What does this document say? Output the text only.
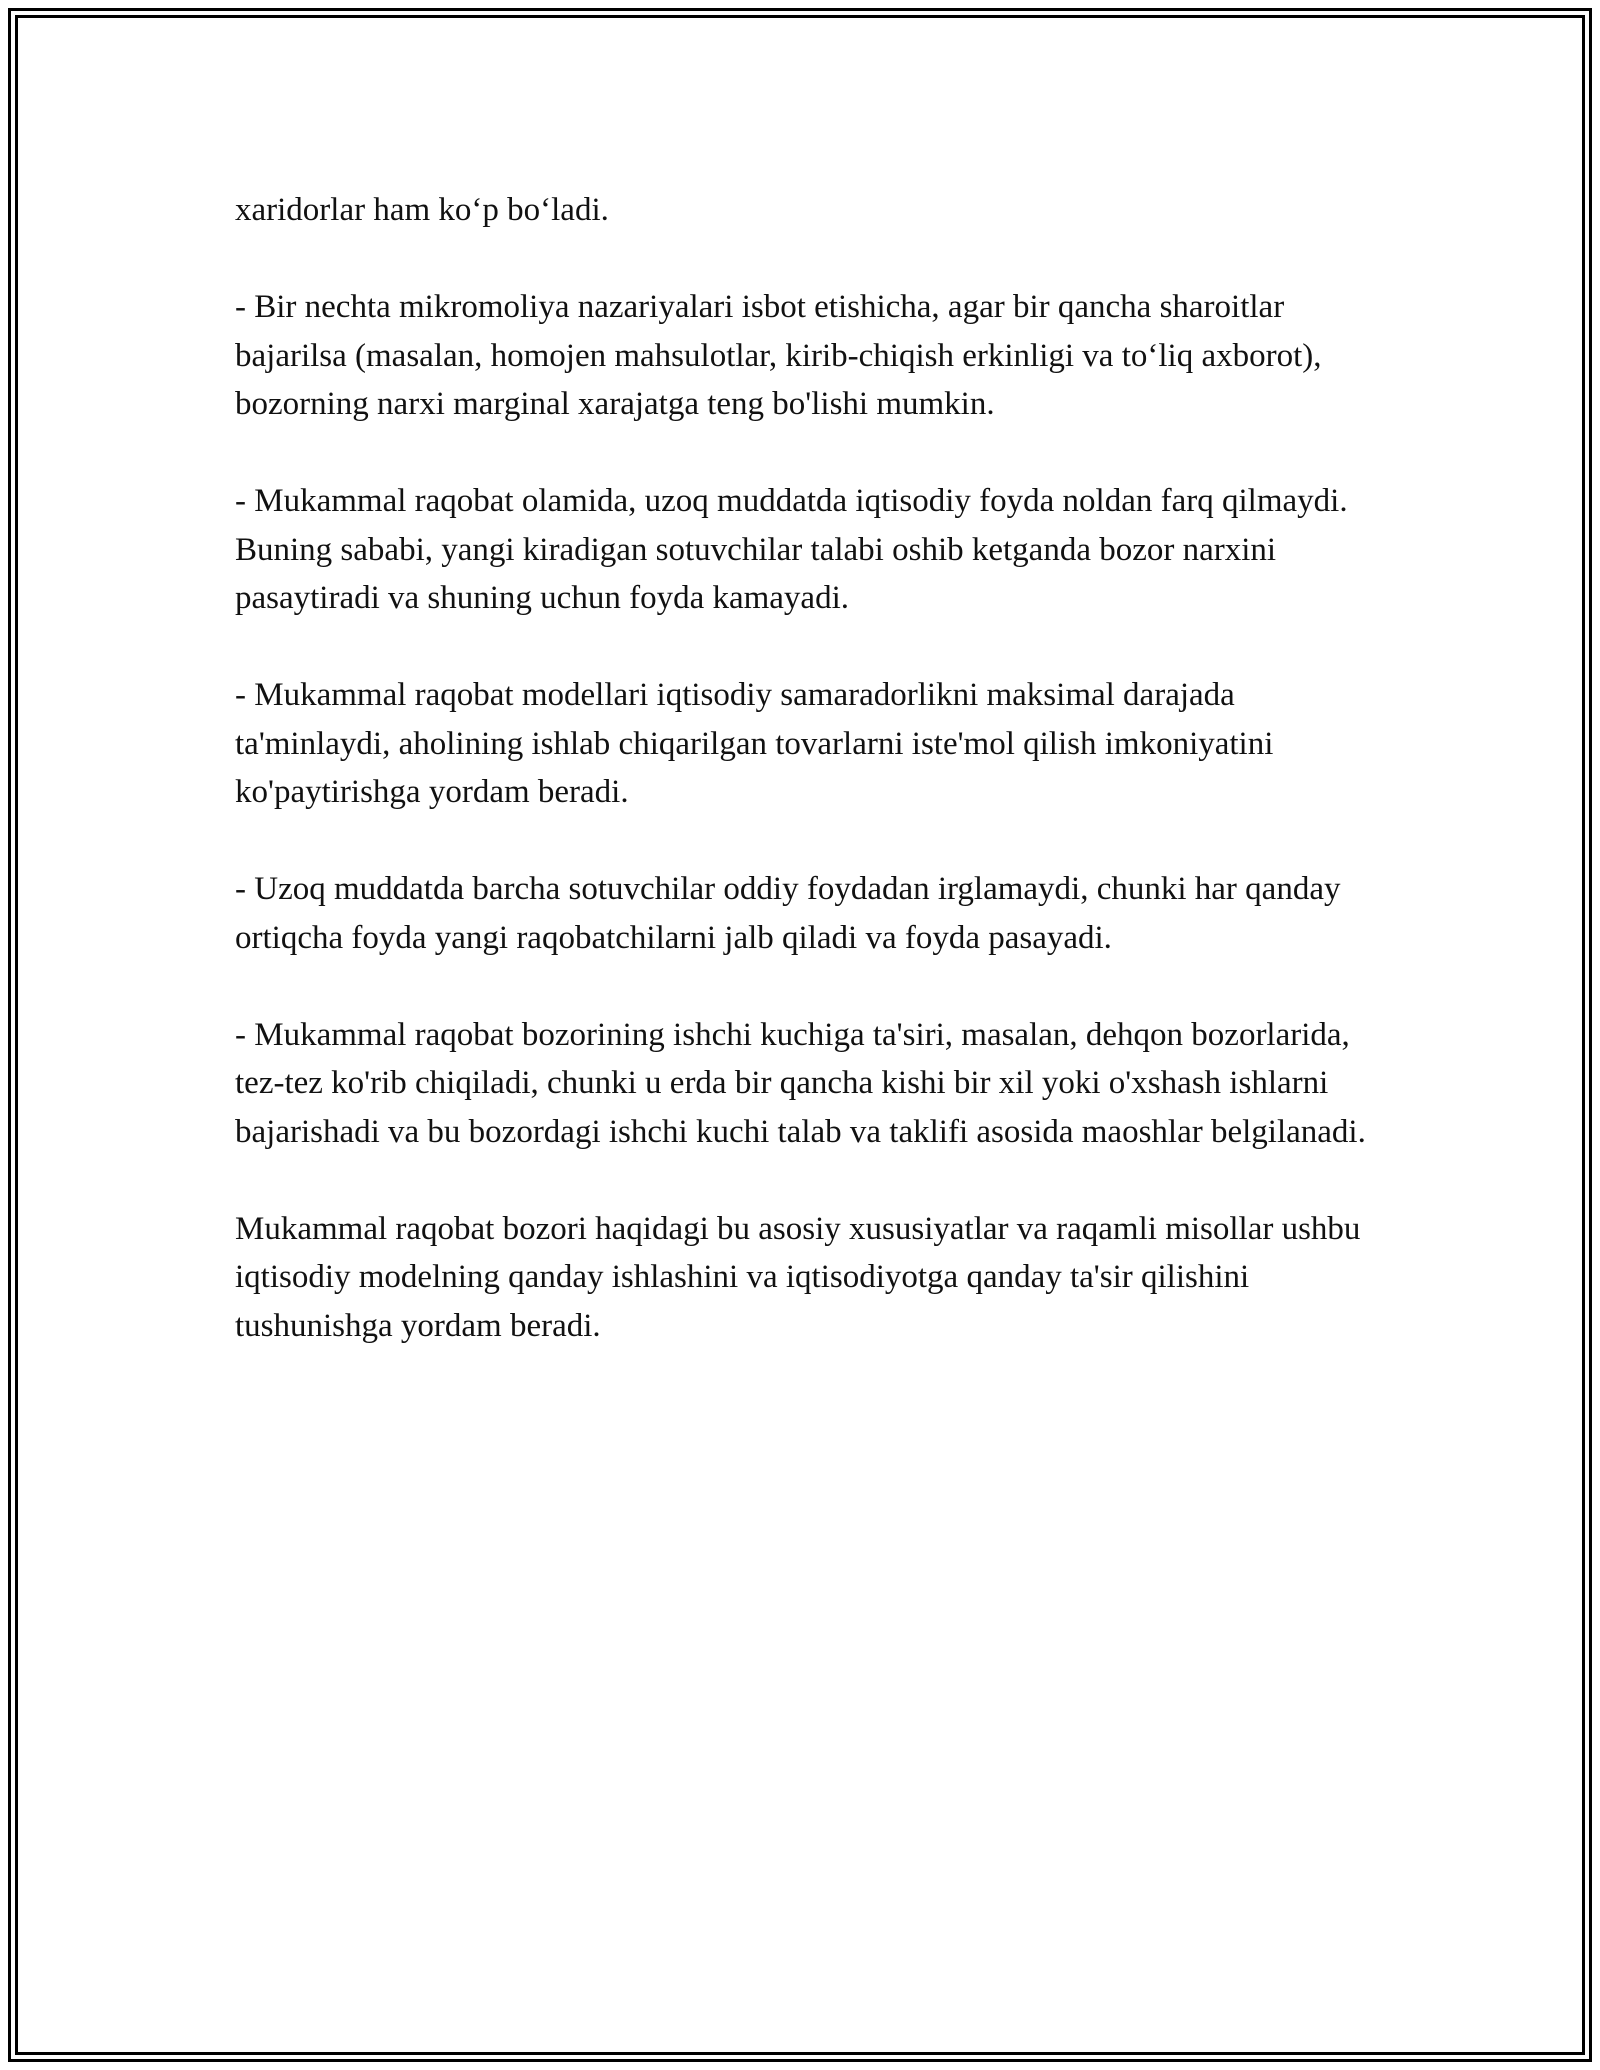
xaridorlar ham ko‘p bo‘ladi.

- Bir nechta mikromoliya nazariyalari isbot etishicha, agar bir qancha sharoitlar bajarilsa (masalan, homojen mahsulotlar, kirib-chiqish erkinligi va to‘liq axborot), bozorning narxi marginal xarajatga teng bo'lishi mumkin.

- Mukammal raqobat olamida, uzoq muddatda iqtisodiy foyda noldan farq qilmaydi. Buning sababi, yangi kiradigan sotuvchilar talabi oshib ketganda bozor narxini pasaytiradi va shuning uchun foyda kamayadi.

- Mukammal raqobat modellari iqtisodiy samaradorlikni maksimal darajada ta'minlaydi, aholining ishlab chiqarilgan tovarlarni iste'mol qilish imkoniyatini ko'paytirishga yordam beradi.

- Uzoq muddatda barcha sotuvchilar oddiy foydadan irglamaydi, chunki har qanday ortiqcha foyda yangi raqobatchilarni jalb qiladi va foyda pasayadi.

- Mukammal raqobat bozorining ishchi kuchiga ta'siri, masalan, dehqon bozorlarida, tez-tez ko'rib chiqiladi, chunki u erda bir qancha kishi bir xil yoki o'xshash ishlarni bajarishadi va bu bozordagi ishchi kuchi talab va taklifi asosida maoshlar belgilanadi.

Mukammal raqobat bozori haqidagi bu asosiy xususiyatlar va raqamli misollar ushbu iqtisodiy modelning qanday ishlashini va iqtisodiyotga qanday ta'sir qilishini tushunishga yordam beradi.
